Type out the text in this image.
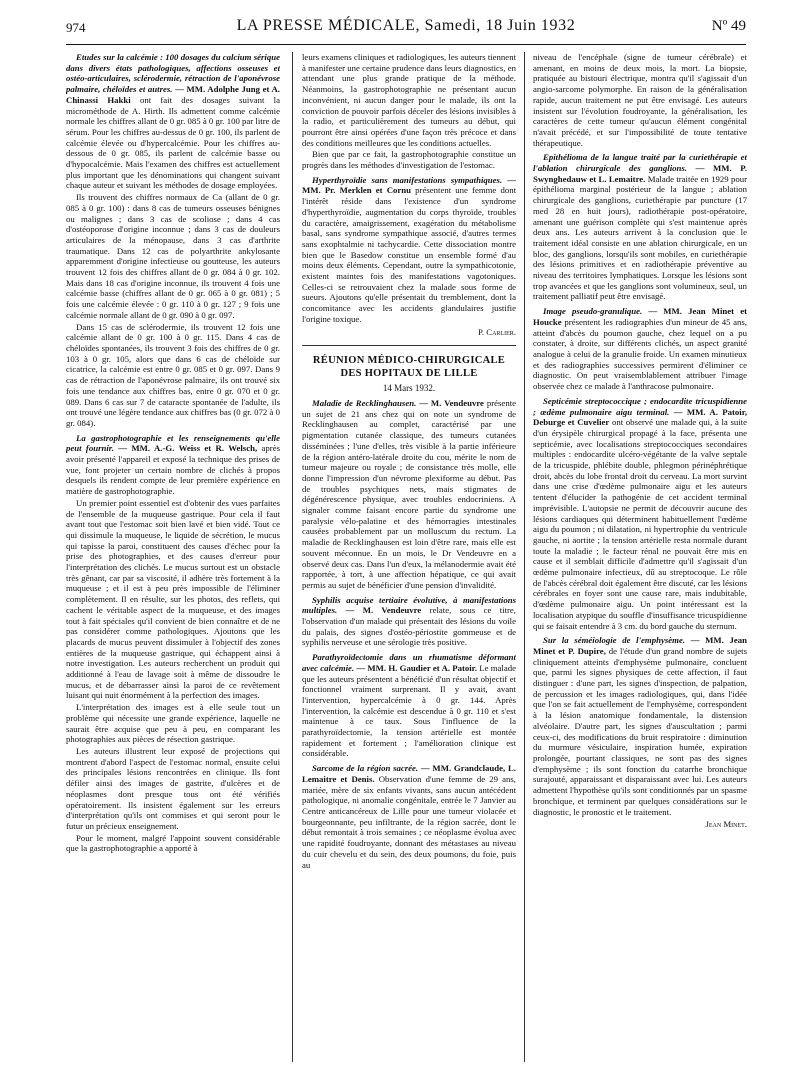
974	LA PRESSE MÉDICALE, Samedi, 18 Juin 1932	Nº 49

Etudes sur la calcémie : 100 dosages du calcium sérique dans divers états pathologiques, affections osseuses et ostéo-articulaires, sclérodermie, rétraction de l'aponévrose palmaire, chéloïdes et autres. — MM. Adolphe Jung et A. Chinassi Hakki ont fait des dosages suivant la microméthode de A. Hirth. Ils admettent comme calcémie normale les chiffres allant de 0 gr. 085 à 0 gr. 100 par litre de sérum. Pour les chiffres au-dessus de 0 gr. 100, ils parlent de calcémie élevée ou d'hypercalcémie. Pour les chiffres au-dessous de 0 gr. 085, ils parlent de calcémie basse ou d'hypocalcémie. Mais l'examen des chiffres est actuellement plus important que les dénominations qui changent suivant chaque auteur et suivant les méthodes de dosage employées.

Ils trouvent des chiffres normaux de Ca (allant de 0 gr. 085 à 0 gr. 100) : dans 8 cas de tumeurs osseuses bénignes ou malignes ; dans 3 cas de scoliose ; dans 4 cas d'ostéoporose d'origine inconnue ; dans 3 cas de douleurs articulaires de la ménopause, dans 3 cas d'arthrite traumatique. Dans 12 cas de polyarthrite ankylosante apparemment d'origine infectieuse ou goutteuse, les auteurs trouvent 12 fois des chiffres allant de 0 gr. 084 à 0 gr. 102. Mais dans 18 cas d'origine inconnue, ils trouvent 4 fois une calcémie basse (chiffres allant de 0 gr. 065 à 0 gr. 081) ; 5 fois une calcémie élevée : 0 gr. 110 à 0 gr. 127 ; 9 fois une calcémie normale allant de 0 gr. 090 à 0 gr. 097.

Dans 15 cas de sclérodermie, ils trouvent 12 fois une calcémie allant de 0 gr. 100 à 0 gr. 115. Dans 4 cas de chéloïdes spontanées, ils trouvent 3 fois des chiffres de 0 gr. 103 à 0 gr. 105, alors que dans 6 cas de chéloïde sur cicatrice, la calcémie est entre 0 gr. 085 et 0 gr. 097. Dans 9 cas de rétraction de l'aponévrose palmaire, ils ont trouvé six fois une tendance aux chiffres bas, entre 0 gr. 070 et 0 gr. 089. Dans 6 cas sur 7 de cataracte spontanée de l'adulte, ils ont trouvé une légère tendance aux chiffres bas (0 gr. 072 à 0 gr. 084).

La gastrophotographie et les renseignements qu'elle peut fournir. — MM. A.-G. Weiss et R. Welsch, après avoir présenté l'appareil et exposé la technique des prises de vue, font projeter un certain nombre de clichés à propos desquels ils rendent compte de leur première expérience en matière de gastrophotographie.

Un premier point essentiel est d'obtenir des vues parfaites de l'ensemble de la muqueuse gastrique. Pour cela il faut avant tout que l'estomac soit bien lavé et bien vidé. Tout ce qui dissimule la muqueuse, le liquide de sécrétion, le mucus qui tapisse la paroi, constituent des causes d'échec pour la prise des photographies, et des causes d'erreur pour l'interprétation des clichés. Le mucus surtout est un obstacle très gênant, car par sa viscosité, il adhère très fortement à la muqueuse ; et il est à peu près impossible de l'éliminer complètement. Il en résulte, sur les photos, des reflets, qui cachent le véritable aspect de la muqueuse, et des images tout à fait spéciales qu'il convient de bien connaître et de ne pas considérer comme pathologiques. Ajoutons que les placards de mucus peuvent dissimuler à l'objectif des zones entières de la muqueuse gastrique, qui échappent ainsi à notre investigation. Les auteurs recherchent un produit qui additionné à l'eau de lavage soit à même de dissoudre le mucus, et de débarrasser ainsi la paroi de ce revêtement luisant qui nuit énormément à la perfection des images.

L'interprétation des images est à elle seule tout un problème qui nécessite une grande expérience, laquelle ne saurait être acquise que peu à peu, en comparant les photographies aux pièces de résection gastrique.

Les auteurs illustrent leur exposé de projections qui montrent d'abord l'aspect de l'estomac normal, ensuite celui des principales lésions rencontrées en clinique. Ils font défiler ainsi des images de gastrite, d'ulcères et de néoplasmes dont presque tous ont été vérifiés opératoirement. Ils insistent également sur les erreurs d'interprétation qu'ils ont commises et qui seront pour le futur un précieux enseignement.

Pour le moment, malgré l'appoint souvent considérable que la gastrophotographie a apporté à

leurs examens cliniques et radiologiques, les auteurs tiennent à manifester une certaine prudence dans leurs diagnostics, en attendant une plus grande pratique de la méthode. Néanmoins, la gastrophotographie ne présentant aucun inconvénient, ni aucun danger pour le malade, ils ont la conviction de pouvoir parfois déceler des lésions invisibles à la radio, et particulièrement des tumeurs au début, qui pourront être ainsi opérées d'une façon très précoce et dans des conditions meilleures que les conditions actuelles.

Bien que par ce fait, la gastrophotographie constitue un progrès dans les méthodes d'investigation de l'estomac.

Hyperthyroïdie sans manifestations sympathiques. — MM. Pr. Merklen et Cornu présentent une femme dont l'intérêt réside dans l'existence d'un syndrome d'hyperthyroïdie, augmentation du corps thyroïde, troubles du caractère, amaigrissement, exagération du métabolisme basal, sans syndrome sympathique associé, d'autres termes sans exophtalmie ni tachycardie. Cette dissociation montre bien que le Basedow constitue un ensemble formé d'au moins deux éléments. Cependant, outre la sympathicotonie, existent maintes fois des manifestations vagotoniques. Celles-ci se retrouvaient chez la malade sous forme de sueurs. Ajoutons qu'elle présentait du tremblement, dont la concomitance avec les accidents glandulaires justifie l'origine toxique.

P. Carlier.

RÉUNION MÉDICO-CHIRURGICALE DES HOPITAUX DE LILLE
14 Mars 1932.

Maladie de Recklinghausen. — M. Vendeuvre présente un sujet de 21 ans chez qui on note un syndrome de Recklinghausen au complet, caractérisé par une pigmentation cutanée classique, des tumeurs cutanées disséminées ; l'une d'elles, très visible à la partie inférieure de la région antéro-latérale droite du cou, mérite le nom de tumeur majeure ou royale ; de consistance très molle, elle donne l'impression d'un névrome plexiforme au début. Pas de troubles psychiques nets, mais stigmates de dégénérescence physique, avec troubles endocriniens. A signaler comme faisant encore partie du syndrome une paralysie vélo-palatine et des hémorragies intestinales causées probablement par un molluscum du rectum. La maladie de Recklinghausen est loin d'être rare, mais elle est souvent méconnue. En un mois, le Dr Vendeuvre en a observé deux cas. Dans l'un d'eux, la mélanodermie avait été rapportée, à tort, à une affection hépatique, ce qui avait permis au sujet de bénéficier d'une pension d'invalidité.

Syphilis acquise tertiaire évolutive, à manifestations multiples. — M. Vendeuvre relate, sous ce titre, l'observation d'un malade qui présentait des lésions du voile du palais, des signes d'ostéo-périostite gommeuse et de syphilis nerveuse et une sérologie très positive.

Parathyroïdectomie dans un rhumatisme déformant avec calcémie. — MM. H. Gaudier et A. Patoir. Le malade que les auteurs présentent a bénéficié d'un résultat objectif et fonctionnel vraiment surprenant. Il y avait, avant l'intervention, hypercalcémie à 0 gr. 144. Après l'intervention, la calcémie est descendue à 0 gr. 110 et s'est maintenue à ce taux. Sous l'influence de la parathyroïdectomie, la tension artérielle est montée rapidement et fortement ; l'amélioration clinique est considérable.

Sarcome de la région sacrée. — MM. Grandclaude, L. Lemaitre et Denis. Observation d'une femme de 29 ans, mariée, mère de six enfants vivants, sans aucun antécédent pathologique, ni anomalie congénitale, entrée le 7 Janvier au Centre anticancéreux de Lille pour une tumeur violacée et bourgeonnante, peu infiltrante, de la région sacrée, dont le début remontait à trois semaines ; ce néoplasme évolua avec une rapidité foudroyante, donnant des métastases au niveau du cuir chevelu et du sein, des deux poumons, du foie, puis au

niveau de l'encéphale (signe de tumeur cérébrale) et amenant, en moins de deux mois, la mort. La biopsie, pratiquée au bistouri électrique, montra qu'il s'agissait d'un angio-sarcome polymorphe. En raison de la généralisation rapide, aucun traitement ne put être envisagé. Les auteurs insistent sur l'évolution foudroyante, la généralisation, les caractères de cette tumeur qu'aucun élément congénital n'avait précédé, et sur l'impossibilité de toute tentative thérapeutique.

Epithélioma de la langue traité par la curiethérapie et l'ablation chirurgicale des ganglions. — MM. P. Swynghedauw et L. Lemaitre. Malade traitée en 1929 pour épithélioma marginal postérieur de la langue ; ablation chirurgicale des ganglions, curiethérapie par puncture (17 med 28 en huit jours), radiothérapie post-opératoire, amenant une guérison complète qui s'est maintenue après deux ans. Les auteurs arrivent à la conclusion que le traitement idéal consiste en une ablation chirurgicale, en un bloc, des ganglions, lorsqu'ils sont mobiles, en curiethérapie des lésions primitives et en radiothérapie préventive au niveau des territoires lymphatiques. Lorsque les lésions sont trop avancées et que les ganglions sont volumineux, seul, un traitement palliatif peut être envisagé.

Image pseudo-granulique. — MM. Jean Minet et Houcke présentent les radiographies d'un mineur de 45 ans, atteint d'abcès du poumon gauche, chez lequel on a pu constater, à droite, sur différents clichés, un aspect granité analogue à celui de la granulie froide. Un examen minutieux et des radiographies successives permirent d'éliminer ce diagnostic. On peut vraisemblablement attribuer l'image observée chez ce malade à l'anthracose pulmonaire.

Septicémie streptococcique ; endocardite tricuspidienne ; œdème pulmonaire aigu terminal. — MM. A. Patoir, Deburge et Cuvelier ont observé une malade qui, à la suite d'un érysipèle chirurgical propagé à la face, présenta une septicémie, avec localisations streptococciques secondaires multiples : endocardite ulcéro-végétante de la valve septale de la tricuspide, phlébite double, phlegmon périnéphrétique droit, abcès du lobe frontal droit du cerveau. La mort survint dans une crise d'œdème pulmonaire aigu et les auteurs tentent d'élucider la pathogénie de cet accident terminal imprévisible. L'autopsie ne permit de découvrir aucune des lésions cardiaques qui déterminent habituellement l'œdème aigu du poumon ; ni dilatation, ni hypertrophie du ventricule gauche, ni aortite ; la tension artérielle resta normale durant toute la maladie ; le facteur rénal ne pouvait être mis en cause et il semblait difficile d'admettre qu'il s'agissait d'un œdème pulmonaire infectieux, dû au streptocoque. Le rôle de l'abcès cérébral doit également être discuté, car les lésions cérébrales en foyer sont une cause rare, mais indubitable, d'œdème pulmonaire aigu. Un point intéressant est la localisation atypique du souffle d'insuffisance tricuspidienne qui se faisait entendre à 3 cm. du bord gauche du sternum.

Sur la séméiologie de l'emphysème. — MM. Jean Minet et P. Dupire, de l'étude d'un grand nombre de sujets cliniquement atteints d'emphysème pulmonaire, concluent que, parmi les signes physiques de cette affection, il faut distinguer : d'une part, les signes d'inspection, de palpation, de percussion et les images radiologiques, qui, dans l'idée que l'on se fait actuellement de l'emphysème, correspondent à la lésion anatomique fondamentale, la distension alvéolaire. D'autre part, les signes d'auscultation ; parmi ceux-ci, des modifications du bruit respiratoire : diminution du murmure vésiculaire, inspiration humée, expiration prolongée, pourtant classiques, ne sont pas des signes d'emphysème ; ils sont fonction du catarrhe bronchique surajouté, apparaissant et disparaissant avec lui. Les auteurs admettent l'hypothèse qu'ils sont conditionnés par un spasme bronchique, et terminent par quelques considérations sur le diagnostic, le pronostic et le traitement.

Jean Minet.
